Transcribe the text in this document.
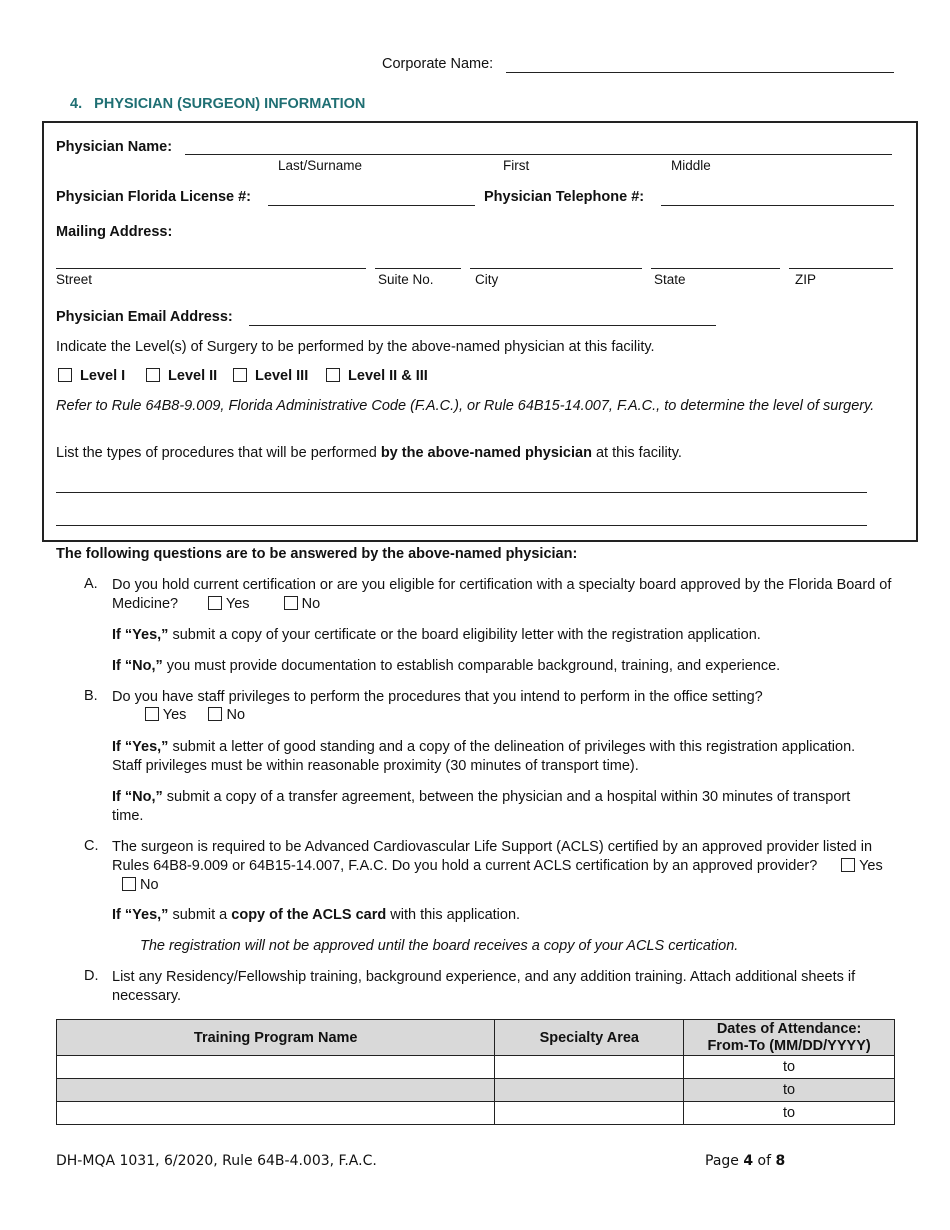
Corporate Name:
4.   PHYSICIAN (SURGEON) INFORMATION
Physician Name:
Last/Surname	First	Middle
Physician Florida License #:	Physician Telephone #:
Mailing Address:
Street	Suite No.	City	State	ZIP
Physician Email Address:
Indicate the Level(s) of Surgery to be performed by the above-named physician at this facility.
Level I	Level II	Level III	Level II & III
Refer to Rule 64B8-9.009, Florida Administrative Code (F.A.C.), or Rule 64B15-14.007, F.A.C., to determine the level of surgery.
List the types of procedures that will be performed by the above-named physician at this facility.
The following questions are to be answered by the above-named physician:
A. Do you hold current certification or are you eligible for certification with a specialty board approved by the Florida Board of Medicine?	Yes	No
If “Yes,” submit a copy of your certificate or the board eligibility letter with the registration application.
If “No,” you must provide documentation to establish comparable background, training, and experience.
B. Do you have staff privileges to perform the procedures that you intend to perform in the office setting?
Yes	No
If “Yes,” submit a letter of good standing and a copy of the delineation of privileges with this registration application. Staff privileges must be within reasonable proximity (30 minutes of transport time).
If “No,” submit a copy of a transfer agreement, between the physician and a hospital within 30 minutes of transport time.
C. The surgeon is required to be Advanced Cardiovascular Life Support (ACLS) certified by an approved provider listed in Rules 64B8-9.009 or 64B15-14.007, F.A.C. Do you hold a current ACLS certification by an approved provider?	Yes  No
If “Yes,” submit a copy of the ACLS card with this application.
The registration will not be approved until the board receives a copy of your ACLS certication.
D. List any Residency/Fellowship training, background experience, and any addition training. Attach additional sheets if necessary.
Training Program Name	Specialty Area	Dates of Attendance:
From-To (MM/DD/YYYY)
		to
		to
		to
DH-MQA 1031, 6/2020, Rule 64B-4.003, F.A.C.	Page 4 of 8
